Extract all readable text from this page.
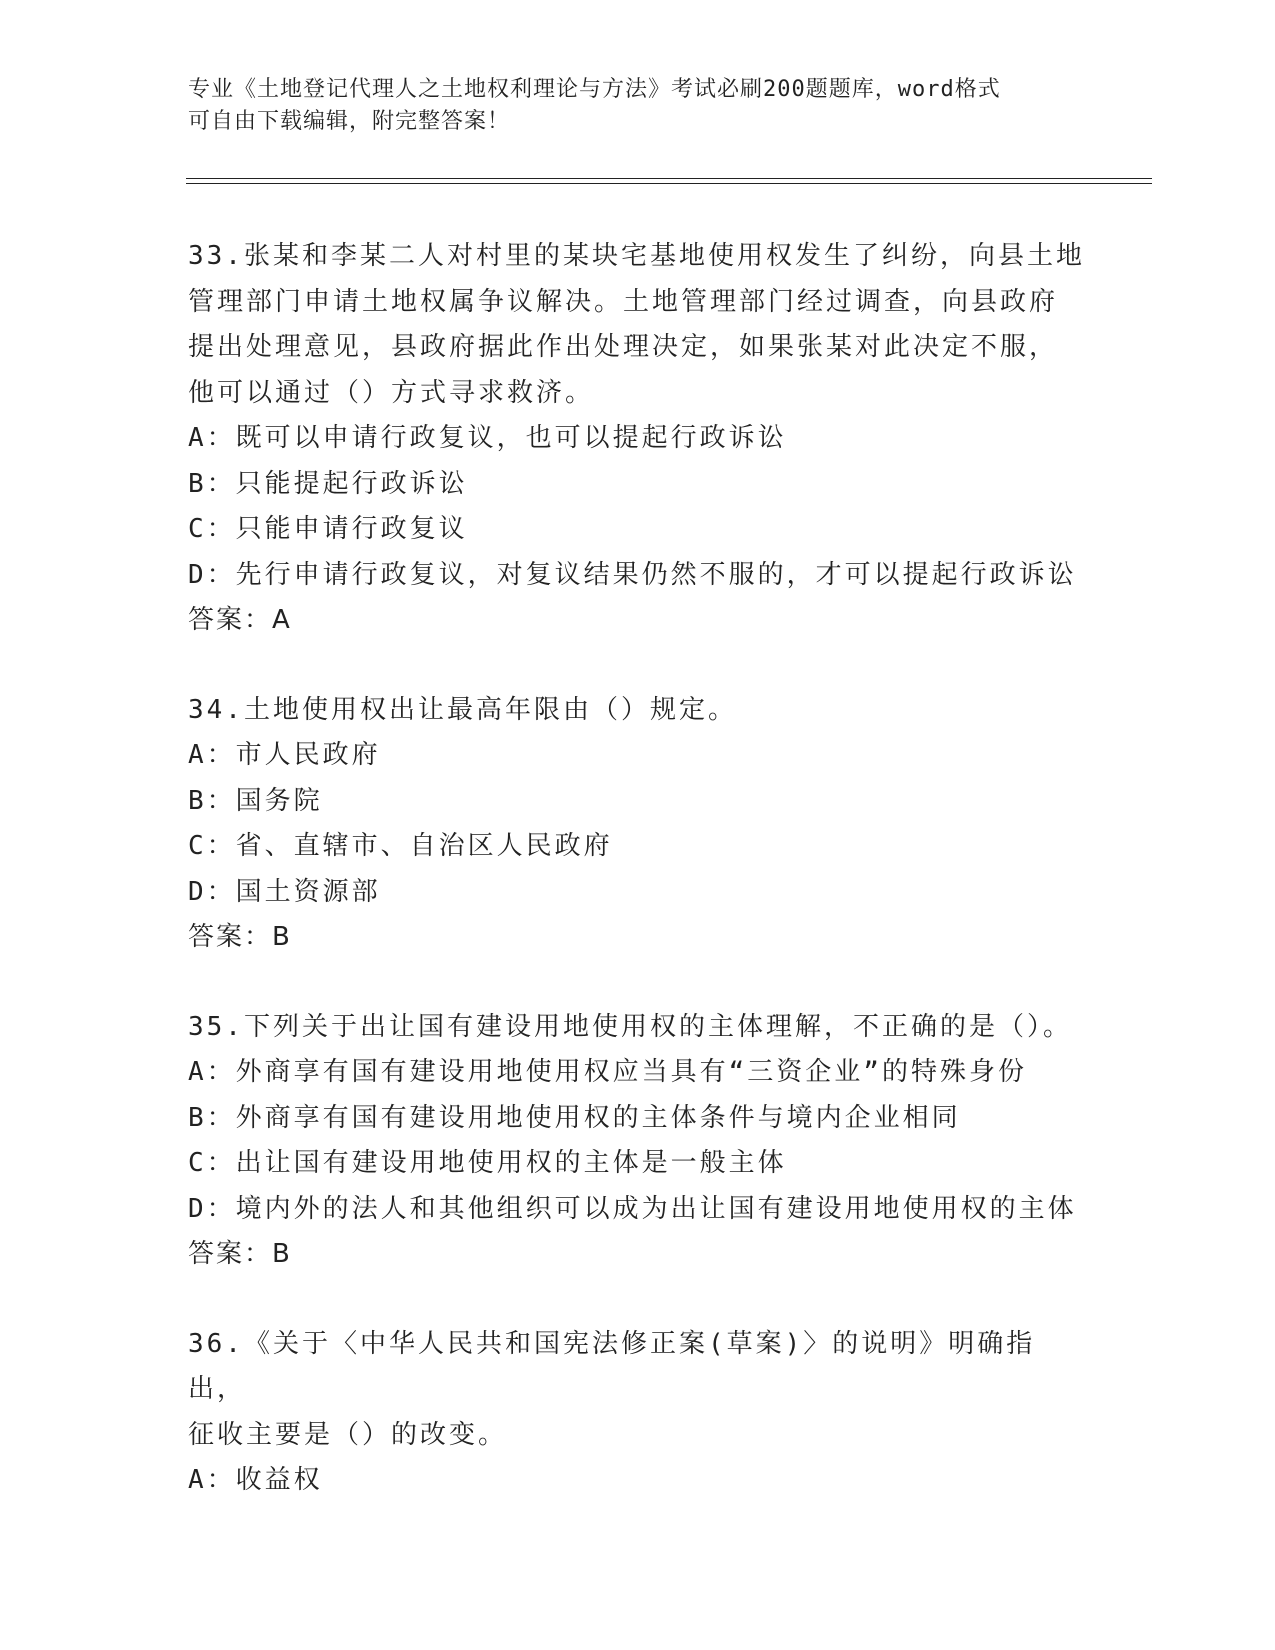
专业《土地登记代理人之土地权利理论与方法》考试必刷200题题库，word格式
可自由下载编辑，附完整答案！
33.张某和李某二人对村里的某块宅基地使用权发生了纠纷，向县土地
管理部门申请土地权属争议解决。土地管理部门经过调查，向县政府
提出处理意见，县政府据此作出处理决定，如果张某对此决定不服，
他可以通过（）方式寻求救济。
A：既可以申请行政复议，也可以提起行政诉讼
B：只能提起行政诉讼
C：只能申请行政复议
D：先行申请行政复议，对复议结果仍然不服的，才可以提起行政诉讼
答案：A
34.土地使用权出让最高年限由（）规定。
A：市人民政府
B：国务院
C：省、直辖市、自治区人民政府
D：国土资源部
答案：B
35.下列关于出让国有建设用地使用权的主体理解，不正确的是（）。
A：外商享有国有建设用地使用权应当具有“三资企业”的特殊身份
B：外商享有国有建设用地使用权的主体条件与境内企业相同
C：出让国有建设用地使用权的主体是一般主体
D：境内外的法人和其他组织可以成为出让国有建设用地使用权的主体
答案：B
36.《关于〈中华人民共和国宪法修正案(草案)〉的说明》明确指出，
征收主要是（）的改变。
A：收益权
